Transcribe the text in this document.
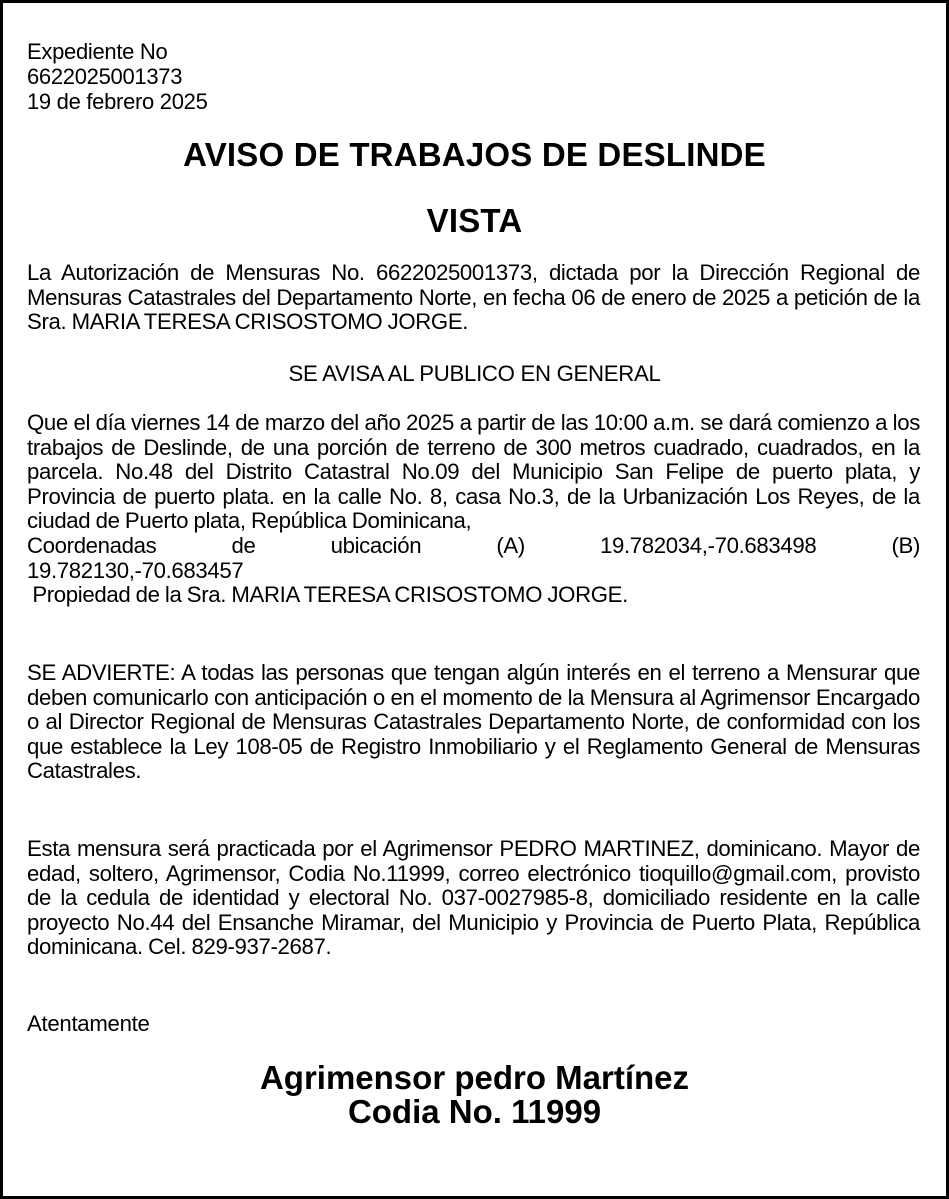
Expediente No
6622025001373
19 de febrero 2025
AVISO DE TRABAJOS DE DESLINDE
VISTA
La Autorización de Mensuras No. 6622025001373, dictada por la Dirección Regional de Mensuras Catastrales del Departamento Norte, en fecha 06 de enero de 2025 a petición de la Sra. MARIA TERESA CRISOSTOMO JORGE.
SE AVISA AL PUBLICO EN GENERAL
Que el día viernes 14 de marzo del año 2025 a partir de las 10:00 a.m. se dará comienzo a los trabajos de Deslinde, de una porción de terreno de 300 metros cuadrado, cuadrados, en la parcela. No.48 del Distrito Catastral No.09 del Municipio San Felipe de puerto plata, y Provincia de puerto plata. en la calle No. 8, casa No.3, de la Urbanización Los Reyes, de la ciudad de Puerto plata, República Dominicana,
Coordenadas de ubicación (A) 19.782034,-70.683498 (B)
19.782130,-70.683457
Propiedad de la Sra. MARIA TERESA CRISOSTOMO JORGE.
SE ADVIERTE: A todas las personas que tengan algún interés en el terreno a Mensurar que deben comunicarlo con anticipación o en el momento de la Mensura al Agrimensor Encargado o al Director Regional de Mensuras Catastrales Departamento Norte, de conformidad con los que establece la Ley 108-05 de Registro Inmobiliario y el Reglamento General de Mensuras Catastrales.
Esta mensura será practicada por el Agrimensor PEDRO MARTINEZ, dominicano. Mayor de edad, soltero, Agrimensor, Codia No.11999, correo electrónico tioquillo@gmail.com, provisto de la cedula de identidad y electoral No. 037-0027985-8, domiciliado residente en la calle proyecto No.44 del Ensanche Miramar, del Municipio y Provincia de Puerto Plata, República dominicana. Cel. 829-937-2687.
Atentamente
Agrimensor pedro Martínez
Codia No. 11999
